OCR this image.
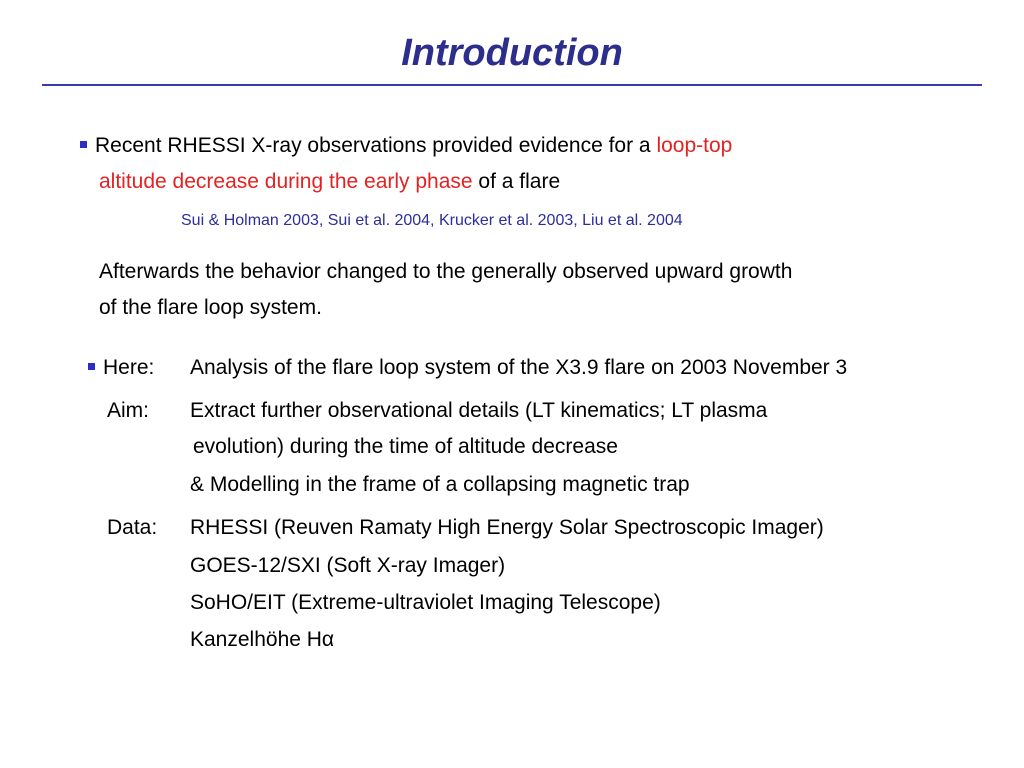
Introduction
Recent RHESSI X-ray observations provided evidence for a loop-top
altitude decrease during the early phase of a flare
Sui & Holman 2003, Sui et al. 2004, Krucker et al. 2003, Liu et al. 2004
Afterwards the behavior changed to the generally observed upward growth
of the flare loop system.
Here: Analysis of the flare loop system of the X3.9 flare on 2003 November 3
Aim: Extract further observational details (LT kinematics; LT plasma
evolution) during the time of altitude decrease
& Modelling in the frame of a collapsing magnetic trap
Data: RHESSI (Reuven Ramaty High Energy Solar Spectroscopic Imager)
GOES-12/SXI (Soft X-ray Imager)
SoHO/EIT (Extreme-ultraviolet Imaging Telescope)
Kanzelhöhe Hα
